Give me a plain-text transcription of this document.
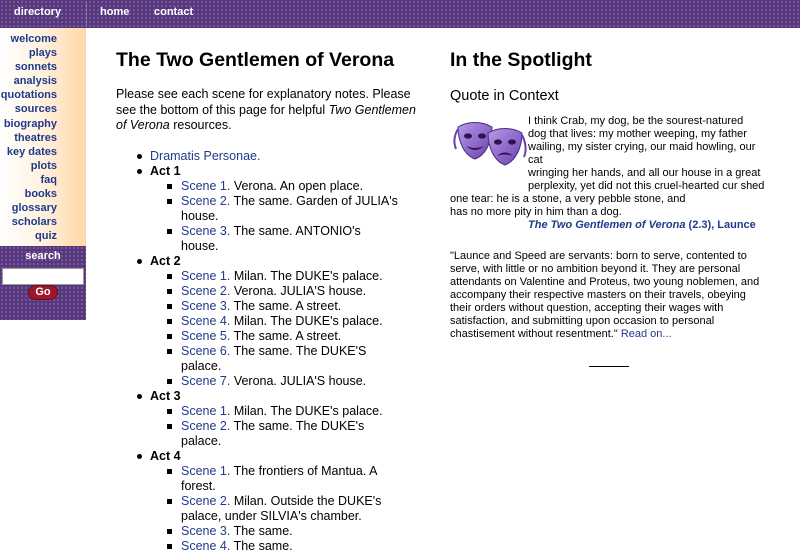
directory	home contact
welcome
plays
sonnets
analysis
quotations
sources
biography
theatres
key dates
plots
faq
books
glossary
scholars
quiz
search
Go
The Two Gentlemen of Verona

Please see each scene for explanatory notes. Please see the bottom of this page for helpful Two Gentlemen of Verona resources.

Dramatis Personae.
Act 1
Scene 1. Verona. An open place.
Scene 2. The same. Garden of JULIA's house.
Scene 3. The same. ANTONIO's house.
Act 2
Scene 1. Milan. The DUKE's palace.
Scene 2. Verona. JULIA'S house.
Scene 3. The same. A street.
Scene 4. Milan. The DUKE's palace.
Scene 5. The same. A street.
Scene 6. The same. The DUKE'S palace.
Scene 7. Verona. JULIA'S house.
Act 3
Scene 1. Milan. The DUKE's palace.
Scene 2. The same. The DUKE's palace.
Act 4
Scene 1. The frontiers of Mantua. A forest.
Scene 2. Milan. Outside the DUKE's palace, under SILVIA's chamber.
Scene 3. The same.
Scene 4. The same.
In the Spotlight
Quote in Context
I think Crab, my dog, be the sourest-natured
dog that lives: my mother weeping, my father
wailing, my sister crying, our maid howling, our cat
wringing her hands, and all our house in a great
perplexity, yet did not this cruel-hearted cur shed
one tear: he is a stone, a very pebble stone, and
has no more pity in him than a dog.
The Two Gentlemen of Verona (2.3), Launce

"Launce and Speed are servants: born to serve, contented to serve, with little or no ambition beyond it. They are personal attendants on Valentine and Proteus, two young noblemen, and accompany their respective masters on their travels, obeying their orders without question, accepting their wages with satisfaction, and submitting upon occasion to personal chastisement without resentment." Read on...
